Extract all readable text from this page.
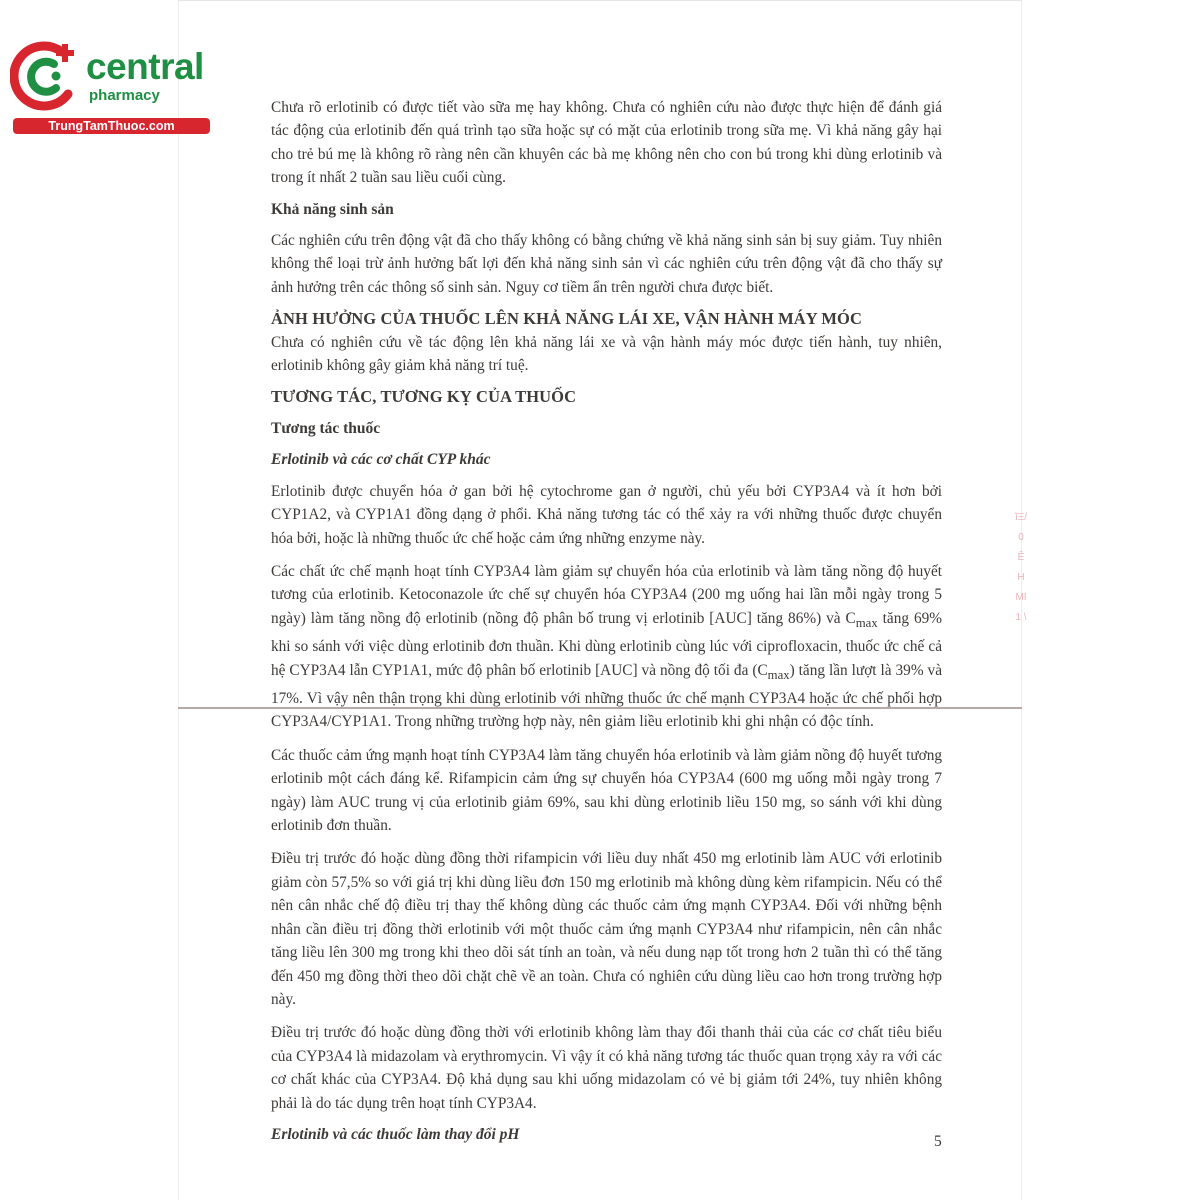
central
pharmacy
TrungTamThuoc.com

Chưa rõ erlotinib có được tiết vào sữa mẹ hay không. Chưa có nghiên cứu nào được thực hiện để đánh giá tác động của erlotinib đến quá trình tạo sữa hoặc sự có mặt của erlotinib trong sữa mẹ. Vì khả năng gây hại cho trẻ bú mẹ là không rõ ràng nên cần khuyên các bà mẹ không nên cho con bú trong khi dùng erlotinib và trong ít nhất 2 tuần sau liều cuối cùng.

Khả năng sinh sản

Các nghiên cứu trên động vật đã cho thấy không có bằng chứng về khả năng sinh sản bị suy giảm. Tuy nhiên không thể loại trừ ảnh hưởng bất lợi đến khả năng sinh sản vì các nghiên cứu trên động vật đã cho thấy sự ảnh hưởng trên các thông số sinh sản. Nguy cơ tiềm ẩn trên người chưa được biết.

ẢNH HƯỞNG CỦA THUỐC LÊN KHẢ NĂNG LÁI XE, VẬN HÀNH MÁY MÓC

Chưa có nghiên cứu về tác động lên khả năng lái xe và vận hành máy móc được tiến hành, tuy nhiên, erlotinib không gây giảm khả năng trí tuệ.

TƯƠNG TÁC, TƯƠNG KỴ CỦA THUỐC
Tương tác thuốc
Erlotinib và các cơ chất CYP khác

Erlotinib được chuyển hóa ở gan bởi hệ cytochrome gan ở người, chủ yếu bởi CYP3A4 và ít hơn bởi CYP1A2, và CYP1A1 đồng dạng ở phổi. Khả năng tương tác có thể xảy ra với những thuốc được chuyển hóa bởi, hoặc là những thuốc ức chế hoặc cảm ứng những enzyme này.

Các chất ức chế mạnh hoạt tính CYP3A4 làm giảm sự chuyển hóa của erlotinib và làm tăng nồng độ huyết tương của erlotinib. Ketoconazole ức chế sự chuyển hóa CYP3A4 (200 mg uống hai lần mỗi ngày trong 5 ngày) làm tăng nồng độ erlotinib (nồng độ phân bố trung vị erlotinib [AUC] tăng 86%) và $C_{max}$ tăng 69% khi so sánh với việc dùng erlotinib đơn thuần. Khi dùng erlotinib cùng lúc với ciprofloxacin, thuốc ức chế cả hệ CYP3A4 lẫn CYP1A1, mức độ phân bố erlotinib [AUC] và nồng độ tối đa $(C_{max})$ tăng lần lượt là 39% và 17%. Vì vậy nên thận trọng khi dùng erlotinib với những thuốc ức chế mạnh CYP3A4 hoặc ức chế phối hợp CYP3A4/CYP1A1. Trong những trường hợp này, nên giảm liều erlotinib khi ghi nhận có độc tính.

Các thuốc cảm ứng mạnh hoạt tính CYP3A4 làm tăng chuyển hóa erlotinib và làm giảm nồng độ huyết tương erlotinib một cách đáng kể. Rifampicin cảm ứng sự chuyển hóa CYP3A4 (600 mg uống mỗi ngày trong 7 ngày) làm AUC trung vị của erlotinib giảm 69%, sau khi dùng erlotinib liều 150 mg, so sánh với khi dùng erlotinib đơn thuần.

Điều trị trước đó hoặc dùng đồng thời rifampicin với liều duy nhất 450 mg erlotinib làm AUC với erlotinib giảm còn 57,5% so với giá trị khi dùng liều đơn 150 mg erlotinib mà không dùng kèm rifampicin. Nếu có thể nên cân nhắc chế độ điều trị thay thế không dùng các thuốc cảm ứng mạnh CYP3A4. Đối với những bệnh nhân cần điều trị đồng thời erlotinib với một thuốc cảm ứng mạnh CYP3A4 như rifampicin, nên cân nhắc tăng liều lên 300 mg trong khi theo dõi sát tính an toàn, và nếu dung nạp tốt trong hơn 2 tuần thì có thể tăng đến 450 mg đồng thời theo dõi chặt chẽ về an toàn. Chưa có nghiên cứu dùng liều cao hơn trong trường hợp này.

Điều trị trước đó hoặc dùng đồng thời với erlotinib không làm thay đổi thanh thải của các cơ chất tiêu biểu của CYP3A4 là midazolam và erythromycin. Vì vậy ít có khả năng tương tác thuốc quan trọng xảy ra với các cơ chất khác của CYP3A4. Độ khả dụng sau khi uống midazolam có vẻ bị giảm tới 24%, tuy nhiên không phải là do tác dụng trên hoạt tính CYP3A4.

Erlotinib và các thuốc làm thay đổi pH
ĩΞ/
0
Ê
H
MI
1 \
5
